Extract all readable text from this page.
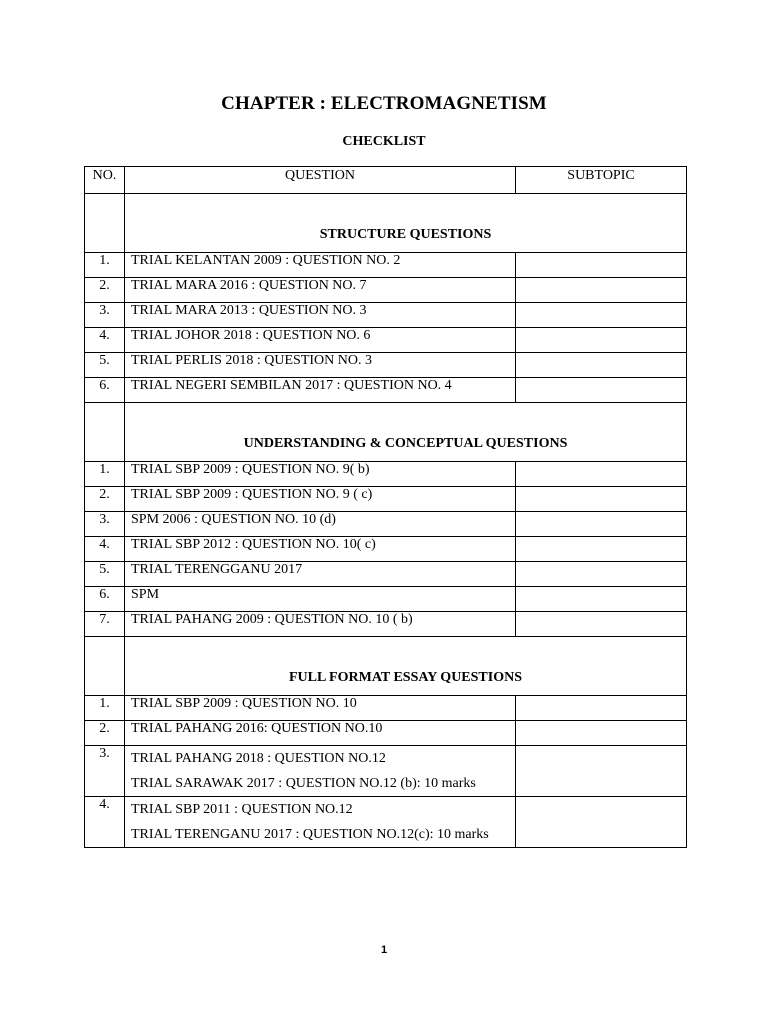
CHAPTER : ELECTROMAGNETISM
CHECKLIST
NO.	QUESTION	SUBTOPIC
	STRUCTURE QUESTIONS	
1.	TRIAL KELANTAN 2009 : QUESTION NO. 2	
2.	TRIAL MARA 2016 : QUESTION NO. 7	
3.	TRIAL MARA 2013 : QUESTION NO. 3	
4.	TRIAL JOHOR 2018 : QUESTION NO. 6	
5.	TRIAL PERLIS 2018 : QUESTION NO. 3	
6.	TRIAL NEGERI SEMBILAN 2017 : QUESTION NO. 4	
	UNDERSTANDING & CONCEPTUAL QUESTIONS	
1.	TRIAL SBP 2009 : QUESTION NO. 9( b)	
2.	TRIAL SBP 2009 : QUESTION NO. 9 ( c)	
3.	SPM 2006 : QUESTION NO. 10 (d)	
4.	TRIAL SBP 2012 : QUESTION NO. 10( c)	
5.	TRIAL TERENGGANU 2017	
6.	SPM	
7.	TRIAL PAHANG 2009 : QUESTION NO. 10 ( b)	
	FULL FORMAT ESSAY QUESTIONS	
1.	TRIAL SBP 2009 : QUESTION NO. 10	
2.	TRIAL PAHANG 2016: QUESTION NO.10	
3.	TRIAL PAHANG 2018 : QUESTION NO.12
TRIAL SARAWAK 2017 : QUESTION NO.12 (b): 10 marks	

4.	TRIAL SBP 2011 : QUESTION NO.12
TRIAL TERENGANU 2017 : QUESTION NO.12(c): 10 marks	

1
